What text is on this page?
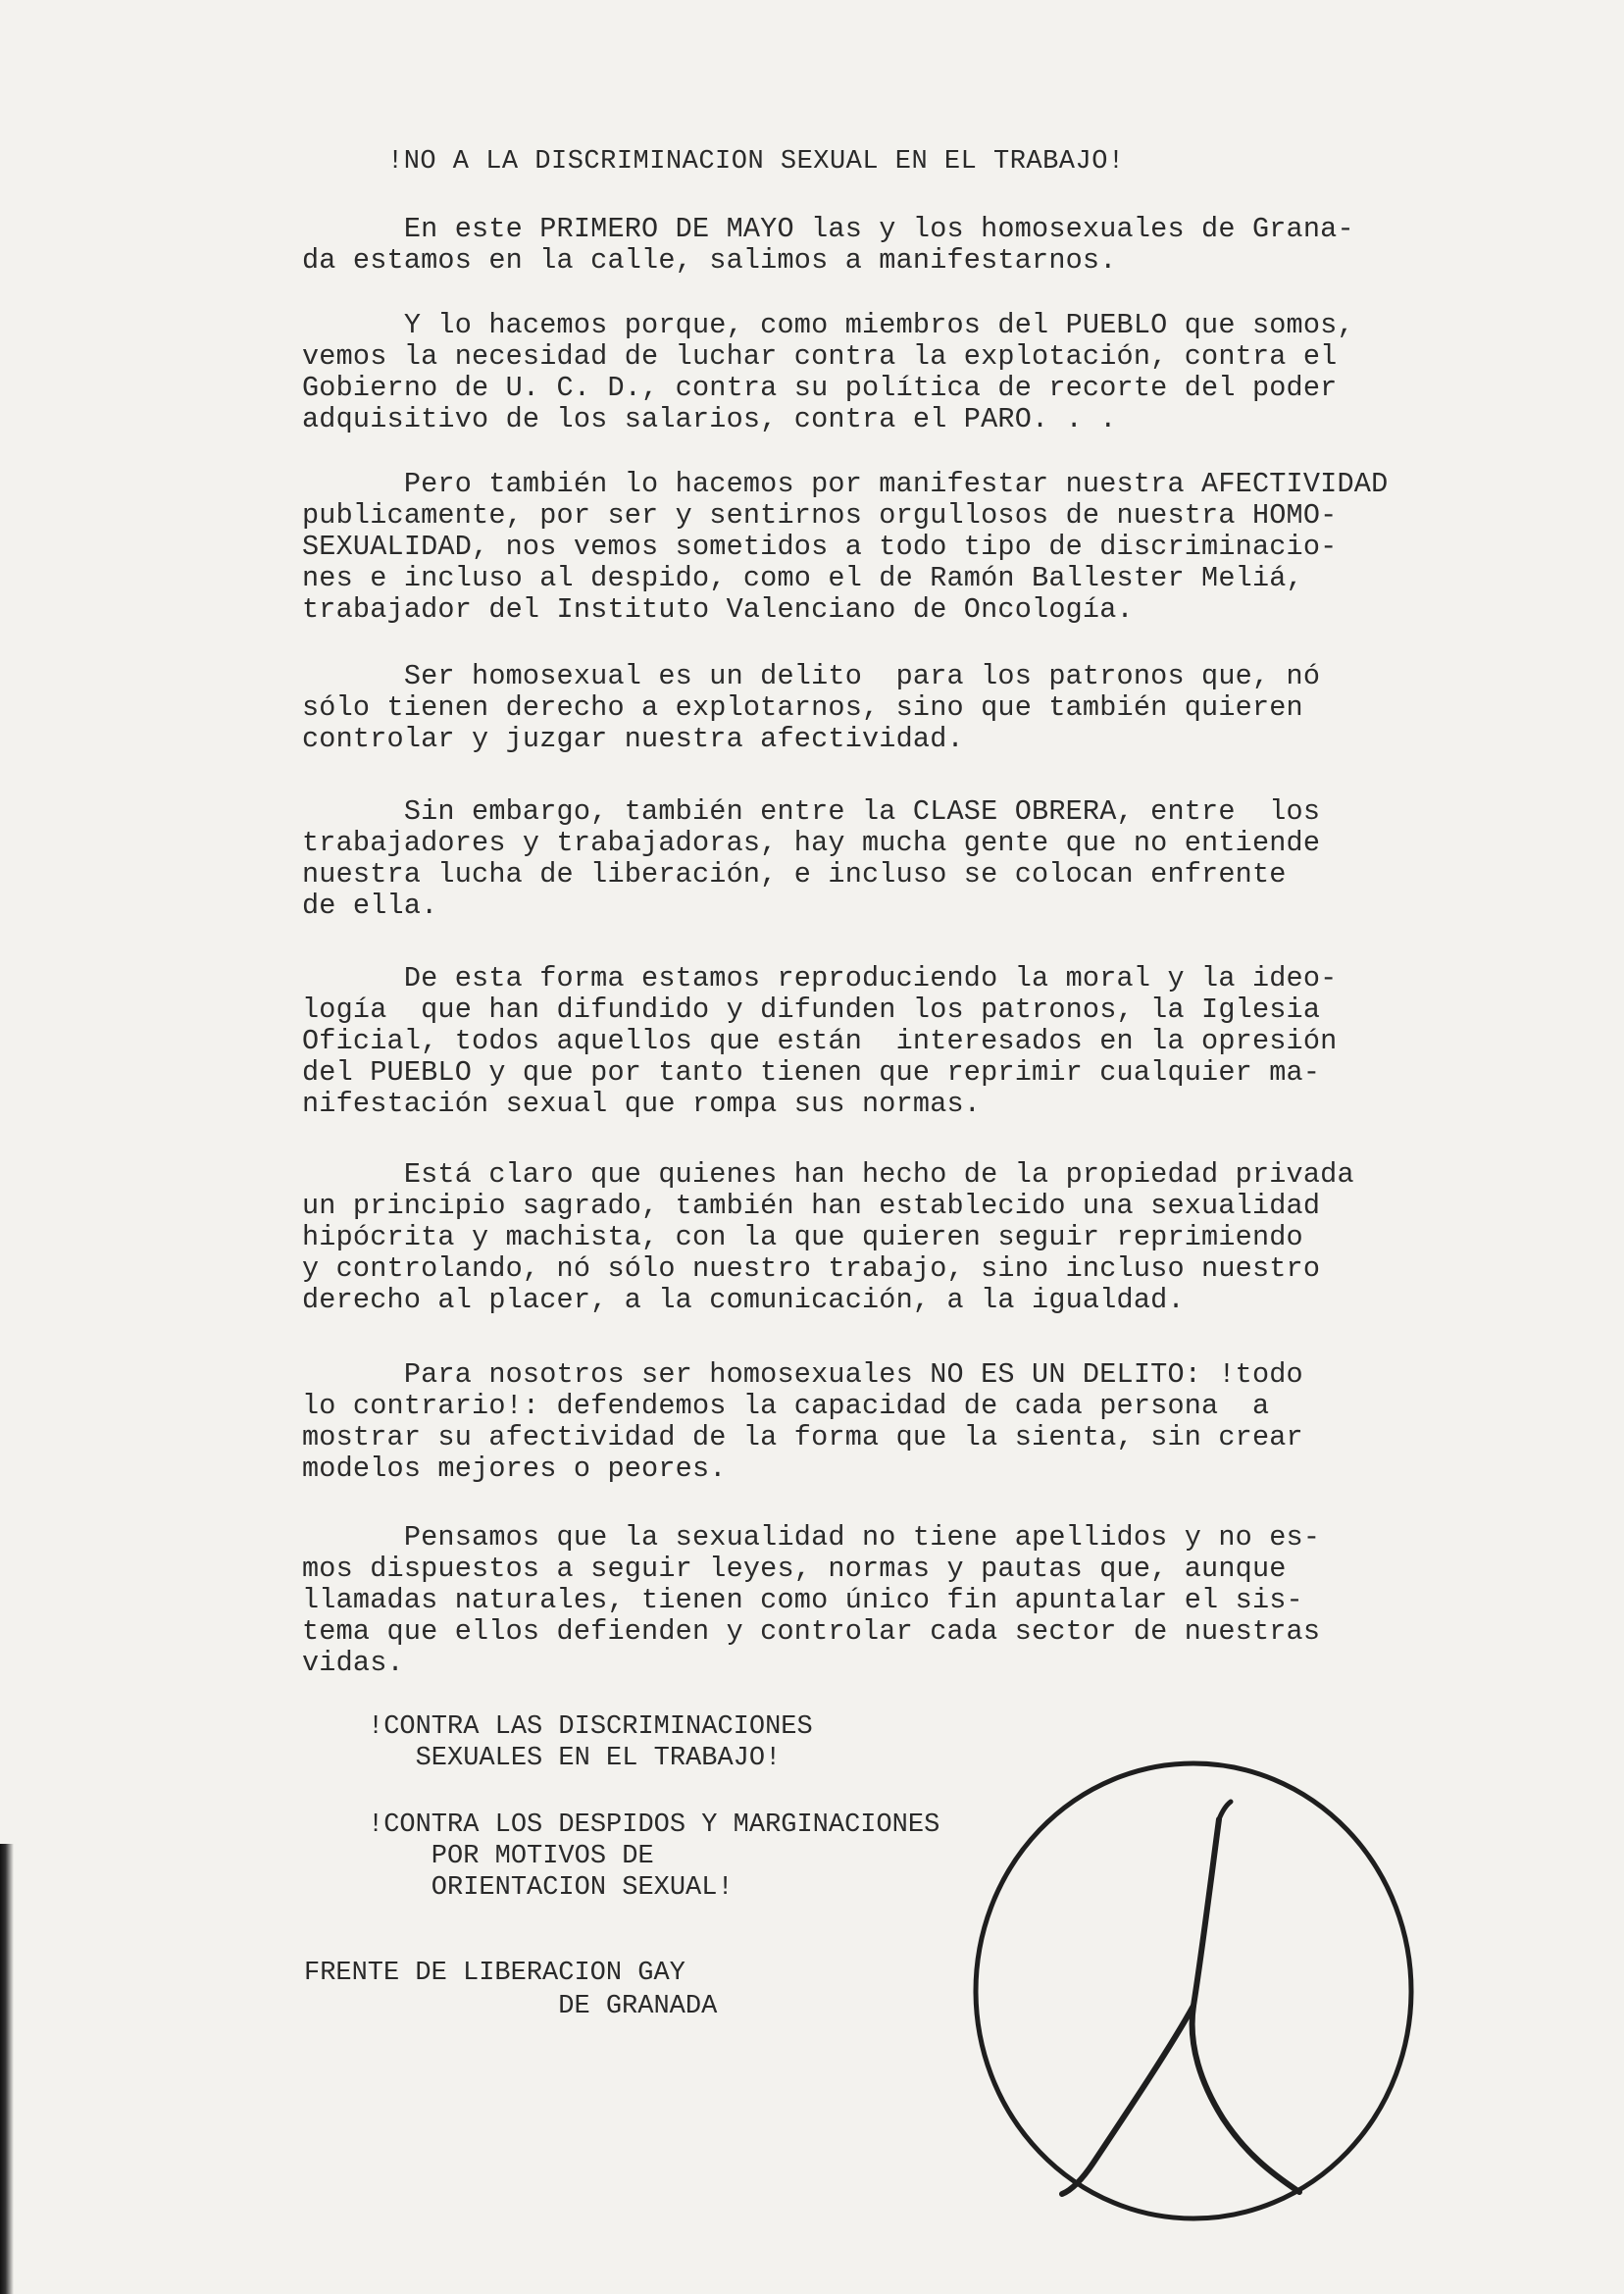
!NO A LA DISCRIMINACION SEXUAL EN EL TRABAJO!
En este PRIMERO DE MAYO las y los homosexuales de Grana-
da estamos en la calle, salimos a manifestarnos.
Y lo hacemos porque, como miembros del PUEBLO que somos,
vemos la necesidad de luchar contra la explotación, contra el
Gobierno de U. C. D., contra su política de recorte del poder
adquisitivo de los salarios, contra el PARO. . .
Pero también lo hacemos por manifestar nuestra AFECTIVIDAD
publicamente, por ser y sentirnos orgullosos de nuestra HOMO-
SEXUALIDAD, nos vemos sometidos a todo tipo de discriminacio-
nes e incluso al despido, como el de Ramón Ballester Meliá,
trabajador del Instituto Valenciano de Oncología.
Ser homosexual es un delito  para los patronos que, nó
sólo tienen derecho a explotarnos, sino que también quieren
controlar y juzgar nuestra afectividad.
Sin embargo, también entre la CLASE OBRERA, entre  los
trabajadores y trabajadoras, hay mucha gente que no entiende
nuestra lucha de liberación, e incluso se colocan enfrente
de ella.
De esta forma estamos reproduciendo la moral y la ideo-
logía  que han difundido y difunden los patronos, la Iglesia
Oficial, todos aquellos que están  interesados en la opresión
del PUEBLO y que por tanto tienen que reprimir cualquier ma-
nifestación sexual que rompa sus normas.
Está claro que quienes han hecho de la propiedad privada
un principio sagrado, también han establecido una sexualidad
hipócrita y machista, con la que quieren seguir reprimiendo
y controlando, nó sólo nuestro trabajo, sino incluso nuestro
derecho al placer, a la comunicación, a la igualdad.
Para nosotros ser homosexuales NO ES UN DELITO: !todo
lo contrario!: defendemos la capacidad de cada persona  a
mostrar su afectividad de la forma que la sienta, sin crear
modelos mejores o peores.
Pensamos que la sexualidad no tiene apellidos y no es-
mos dispuestos a seguir leyes, normas y pautas que, aunque
llamadas naturales, tienen como único fin apuntalar el sis-
tema que ellos defienden y controlar cada sector de nuestras
vidas.
!CONTRA LAS DISCRIMINACIONES
SEXUALES EN EL TRABAJO!
!CONTRA LOS DESPIDOS Y MARGINACIONES
POR MOTIVOS DE
ORIENTACION SEXUAL!
FRENTE DE LIBERACION GAY
DE GRANADA
